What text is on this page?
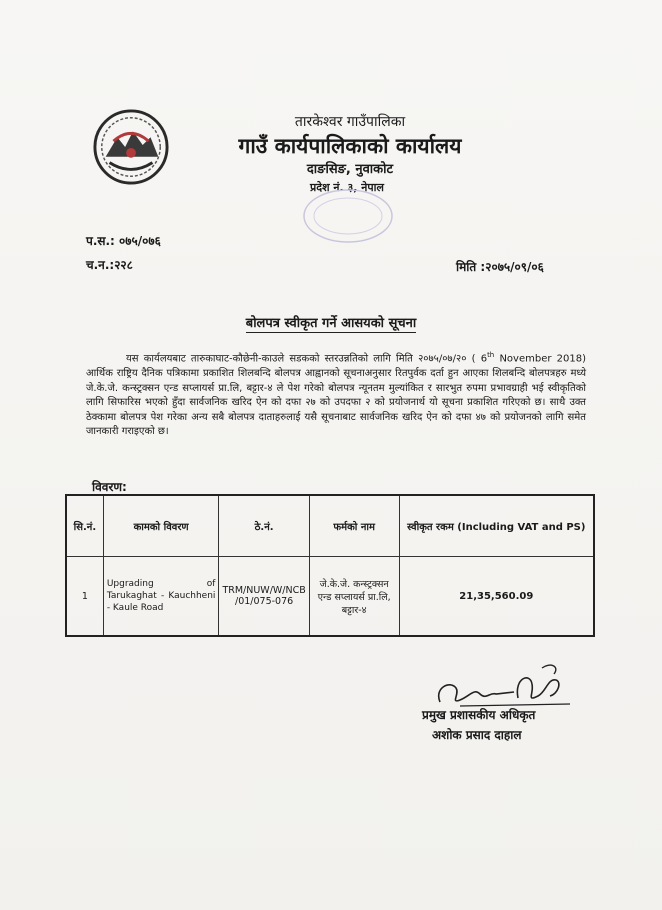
तारकेश्वर गाउँपालिका
गाउँ कार्यपालिकाको कार्यालय
दाङसिङ, नुवाकोट
प्रदेश नं. ३, नेपाल
प.स.: ०७५/०७६
च.न.:२२८	मिति :२०७५/०९/०६
बोलपत्र स्वीकृत गर्ने आसयको सूचना
    यस कार्यलयबाट तारुकाघाट-कौछेनी-काउले सडकको स्तरउन्नतिको लागि मिति २०७५/०७/२० ( 6th November 2018) आर्थिक राष्ट्रिय दैनिक पत्रिकामा प्रकाशित शिलबन्दि बोलपत्र आह्वानको सूचनाअनुसार रितपुर्वक दर्ता हुन आएका शिलबन्दि बोलपत्रहरु मध्ये जे.के.जे. कन्स्ट्रक्सन एन्ड सप्लायर्स प्रा.लि, बट्टार-४ ले पेश गरेको बोलपत्र न्यूनतम मुल्यांकित र सारभुत रुपमा प्रभावग्राही भई स्वीकृतिको लागि सिफारिस भएको हुँदा सार्वजनिक खरिद ऐन को दफा २७ को उपदफा २ को प्रयोजनार्थ यो सूचना प्रकाशित गरिएको छ। साथै उक्त ठेक्कामा बोलपत्र पेश गरेका अन्य सबै बोलपत्र दाताहरुलाई यसै सूचनाबाट सार्वजनिक खरिद ऐन को दफा ४७ को प्रयोजनको लागि समेत जानकारी गराइएको छ।
विवरण:
सि.नं.	कामको विवरण	ठे.नं.	फर्मको नाम	स्वीकृत रकम (Including VAT and PS)
1	Upgrading of Tarukaghat - Kauchheni - Kaule Road	TRM/NUW/W/NCB /01/075-076	जे.के.जे. कन्स्ट्रक्सन एन्ड सप्लायर्स प्रा.लि, बट्टार-४	21,35,560.09
प्रमुख प्रशासकीय अधिकृत
अशोक प्रसाद दाहाल
